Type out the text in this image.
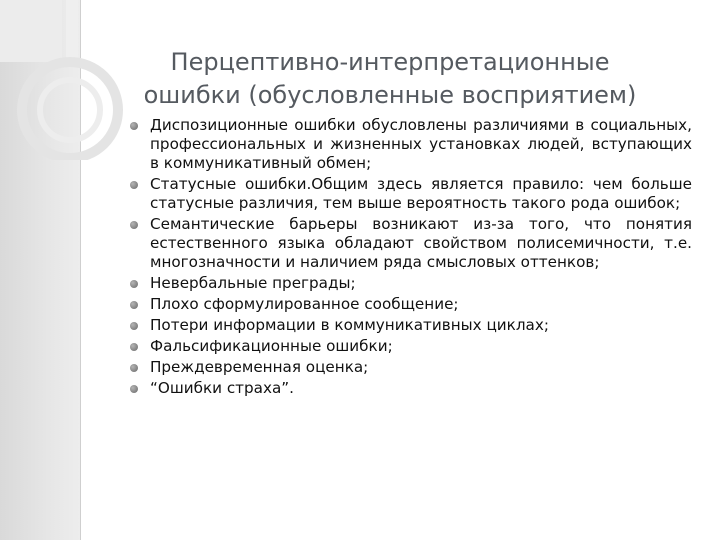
Перцептивно-интерпретационные
ошибки (обусловленные восприятием)
Диспозиционные ошибки обусловлены различиями в социальных, профессиональных и жизненных установках людей, вступающих в коммуникативный обмен;
Статусные ошибки.Общим здесь является правило: чем больше статусные различия, тем выше вероятность такого рода ошибок;
Семантические барьеры возникают из-за того, что понятия естественного языка обладают свойством полисемичности, т.е. многозначности и наличием ряда смысловых оттенков;
Невербальные преграды;
Плохо сформулированное сообщение;
Потери информации в коммуникативных циклах;
Фальсификационные ошибки;
Преждевременная оценка;
“Ошибки страха”.
